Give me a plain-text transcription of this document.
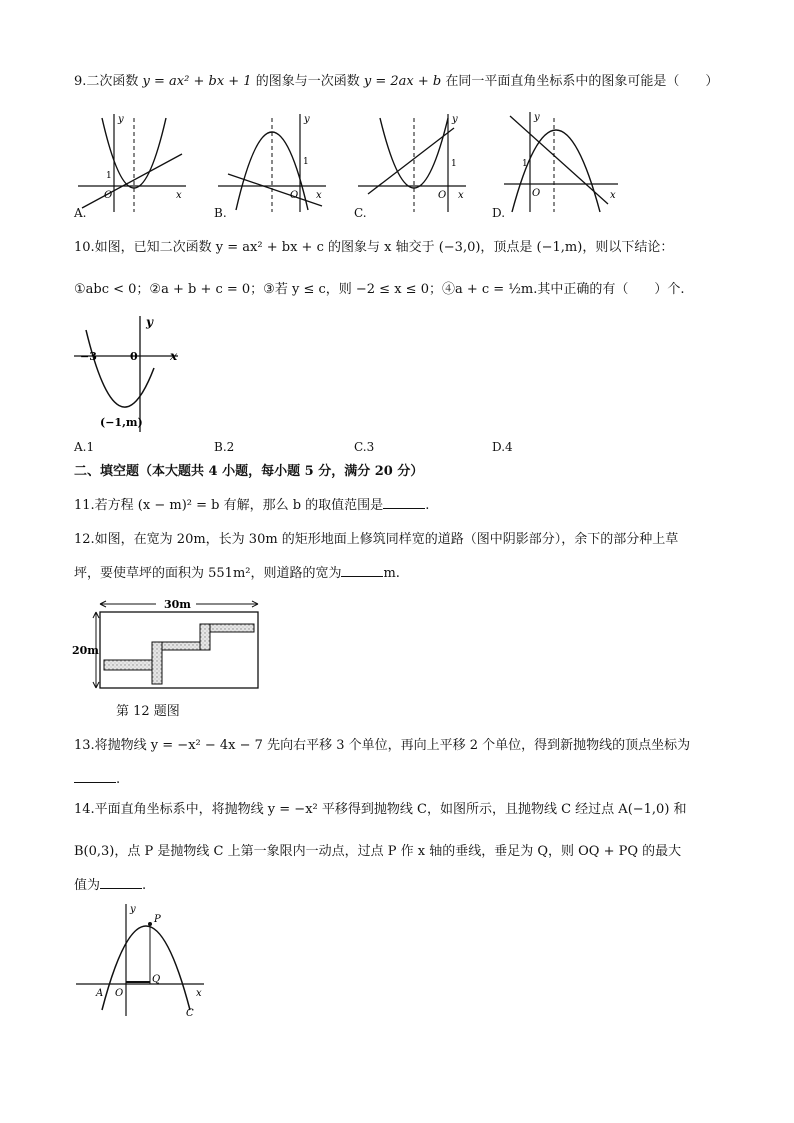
9.二次函数 y = ax² + bx + 1 的图象与一次函数 y = 2ax + b 在同一平面直角坐标系中的图象可能是（　　）
y
x
O
1
A.
y
x
O
1
B.
y
x
O
1
C.
y
x
O
1
D.
10.如图，已知二次函数 y = ax² + bx + c 的图象与 x 轴交于 (−3,0)，顶点是 (−1,m)，则以下结论：
①abc < 0；②a + b + c = 0；③若 y ≤ c，则 −2 ≤ x ≤ 0；④a + c = ½m.其中正确的有（　　）个.
y
x
−3	0
(−1,m)
A.1	B.2	C.3	D.4
二、填空题（本大题共 4 小题，每小题 5 分，满分 20 分）
11.若方程 (x − m)² = b 有解，那么 b 的取值范围是	.
12.如图，在宽为 20m，长为 30m 的矩形地面上修筑同样宽的道路（图中阴影部分），余下的部分种上草
坪，要使草坪的面积为 551m²，则道路的宽为	m.
30m
20m
第 12 题图
13.将抛物线 y = −x² − 4x − 7 先向右平移 3 个单位，再向上平移 2 个单位，得到新抛物线的顶点坐标为
.
14.平面直角坐标系中，将抛物线 y = −x² 平移得到抛物线 C，如图所示，且抛物线 C 经过点 A(−1,0) 和
B(0,3)，点 P 是抛物线 C 上第一象限内一动点，过点 P 作 x 轴的垂线，垂足为 Q，则 OQ + PQ 的最大
值为	.
y
x
P
A O
Q
C
